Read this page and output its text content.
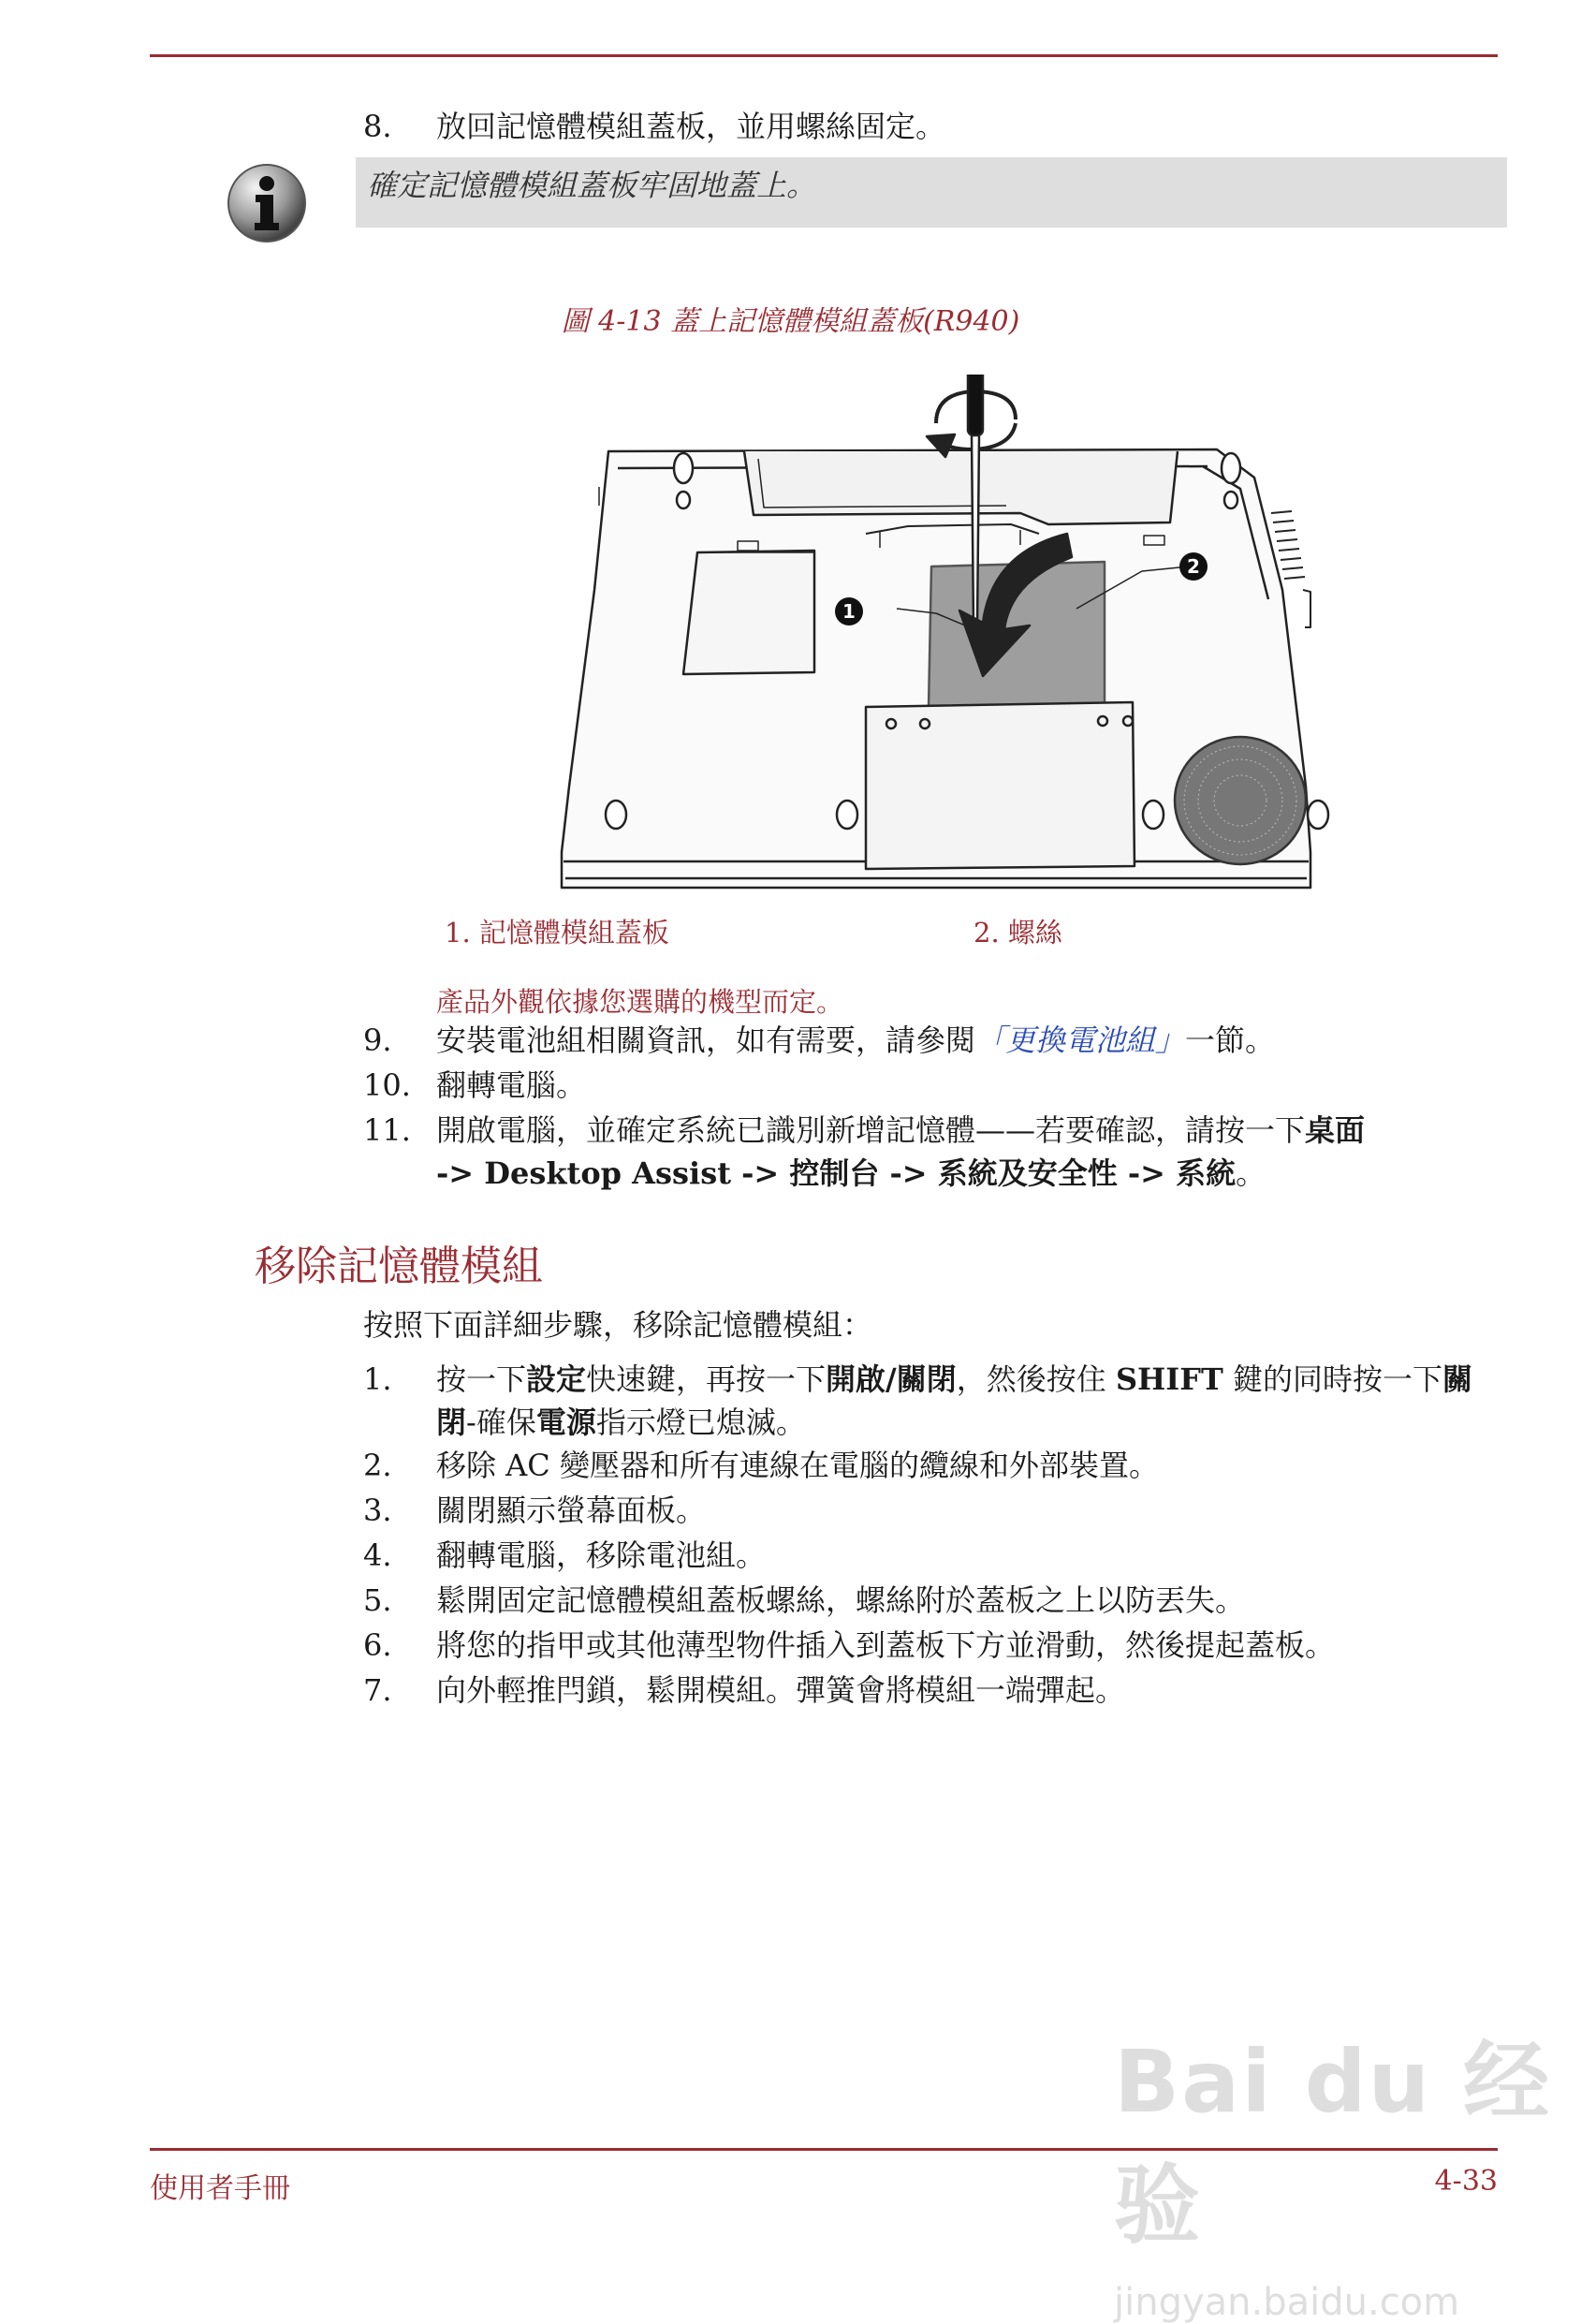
8. 放回記憶體模組蓋板，並用螺絲固定。
確定記憶體模組蓋板牢固地蓋上。
圖 4-13 蓋上記憶體模組蓋板(R940)
1
2
1. 記憶體模組蓋板	2. 螺絲
產品外觀依據您選購的機型而定。
9. 安裝電池組相關資訊，如有需要，請參閱「更換電池組」一節。
10. 翻轉電腦。
11. 開啟電腦，並確定系統已識別新增記憶體——若要確認，請按一下桌面
-> Desktop Assist -> 控制台 -> 系統及安全性 -> 系統。
移除記憶體模組
按照下面詳細步驟，移除記憶體模組：
1. 按一下設定快速鍵，再按一下開啟/關閉，然後按住 SHIFT 鍵的同時按一下關閉-確保電源指示燈已熄滅。
2. 移除 AC 變壓器和所有連線在電腦的纜線和外部裝置。
3. 關閉顯示螢幕面板。
4. 翻轉電腦，移除電池組。
5. 鬆開固定記憶體模組蓋板螺絲，螺絲附於蓋板之上以防丟失。
6. 將您的指甲或其他薄型物件插入到蓋板下方並滑動，然後提起蓋板。
7. 向外輕推閂鎖，鬆開模組。彈簧會將模組一端彈起。
Bai du 经验
jingyan.baidu.com
使用者手冊	4-33
